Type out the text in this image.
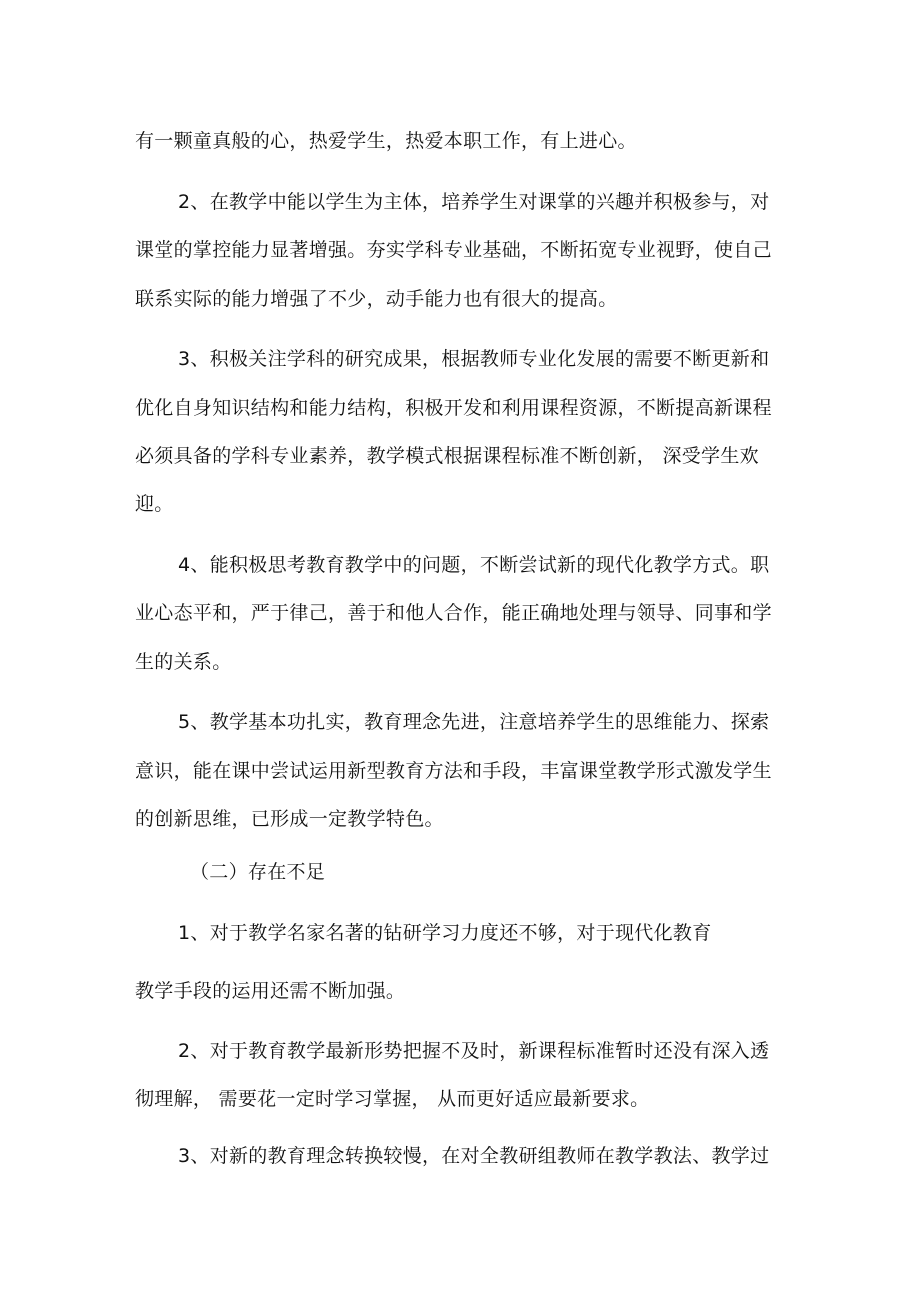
有一颗童真般的心，热爱学生，热爱本职工作，有上进心。
2、在教学中能以学生为主体，培养学生对课掌的兴趣并积极参与，对
课堂的掌控能力显著增强。夯实学科专业基础，不断拓宽专业视野，使自己
联系实际的能力增强了不少，动手能力也有很大的提高。
3、积极关注学科的研究成果，根据教师专业化发展的需要不断更新和
优化自身知识结构和能力结构，积极开发和利用课程资源，不断提高新课程
必须具备的学科专业素养，教学模式根据课程标准不断创新， 深受学生欢
迎。
4、能积极思考教育教学中的问题，不断尝试新的现代化教学方式。职
业心态平和，严于律己，善于和他人合作，能正确地处理与领导、同事和学
生的关系。
5、教学基本功扎实，教育理念先进，注意培养学生的思维能力、探索
意识，能在课中尝试运用新型教育方法和手段，丰富课堂教学形式激发学生
的创新思维，已形成一定教学特色。
（二）存在不足
1、对于教学名家名著的钻研学习力度还不够，对于现代化教育
教学手段的运用还需不断加强。
2、对于教育教学最新形势把握不及时，新课程标准暂时还没有深入透
彻理解， 需要花一定时学习掌握， 从而更好适应最新要求。
3、对新的教育理念转换较慢，在对全教研组教师在教学教法、教学过
